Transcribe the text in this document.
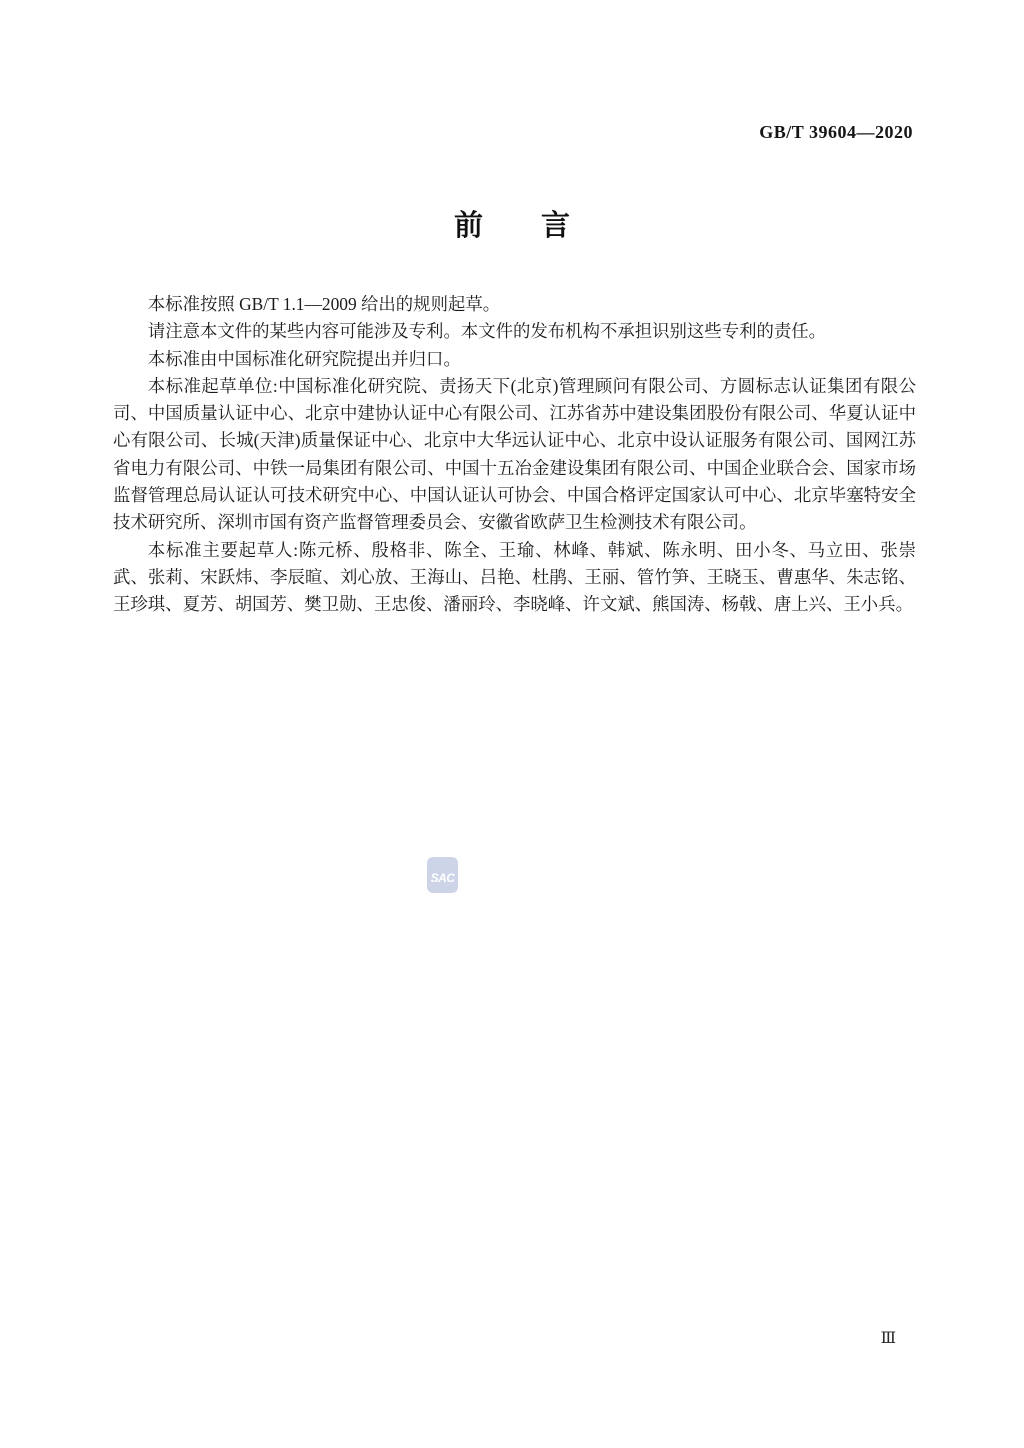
GB/T 39604—2020
前　　言

本标准按照 GB/T 1.1—2009 给出的规则起草。

请注意本文件的某些内容可能涉及专利。本文件的发布机构不承担识别这些专利的责任。

本标准由中国标准化研究院提出并归口。

本标准起草单位:中国标准化研究院、责扬天下(北京)管理顾问有限公司、方圆标志认证集团有限公司、中国质量认证中心、北京中建协认证中心有限公司、江苏省苏中建设集团股份有限公司、华夏认证中心有限公司、长城(天津)质量保证中心、北京中大华远认证中心、北京中设认证服务有限公司、国网江苏省电力有限公司、中铁一局集团有限公司、中国十五冶金建设集团有限公司、中国企业联合会、国家市场监督管理总局认证认可技术研究中心、中国认证认可协会、中国合格评定国家认可中心、北京毕塞特安全技术研究所、深圳市国有资产监督管理委员会、安徽省欧萨卫生检测技术有限公司。

本标准主要起草人:陈元桥、殷格非、陈全、王瑜、林峰、韩斌、陈永明、田小冬、马立田、张崇武、张莉、宋跃炜、李辰暄、刘心放、王海山、吕艳、杜鹃、王丽、管竹笋、王晓玉、曹惠华、朱志铭、王珍琪、夏芳、胡国芳、樊卫勋、王忠俊、潘丽玲、李晓峰、许文斌、熊国涛、杨戟、唐上兴、王小兵。

SAC
Ⅲ
